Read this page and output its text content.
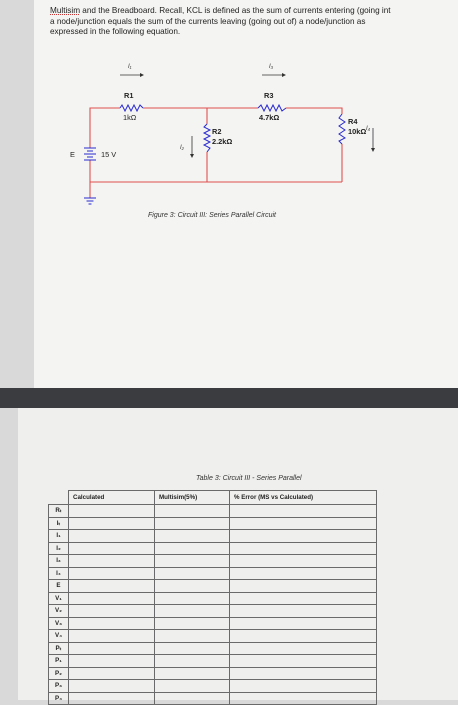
Multisim and the Breadboard. Recall, KCL is defined as the sum of currents entering (going int
a node/junction equals the sum of the currents leaving (going out of) a node/junction as
expressed in the following equation.

I₁
R1
1kΩ
I₃
R3
4.7kΩ
I₂
R2
2.2kΩ
R4
10kΩ I₄
E	15 V
Figure 3: Circuit III: Series Parallel Circuit
Table 3: Circuit III - Series Parallel
	Calculated	Multisim(5%)	% Error (MS vs Calculated)
Rₜ			
Iₜ			
I₁			
I₂			
I₃			
I₄			
E			
V₁			
V₂			
V₃			
V₄			
Pₜ			
P₁			
P₂			
P₃			
P₄			
